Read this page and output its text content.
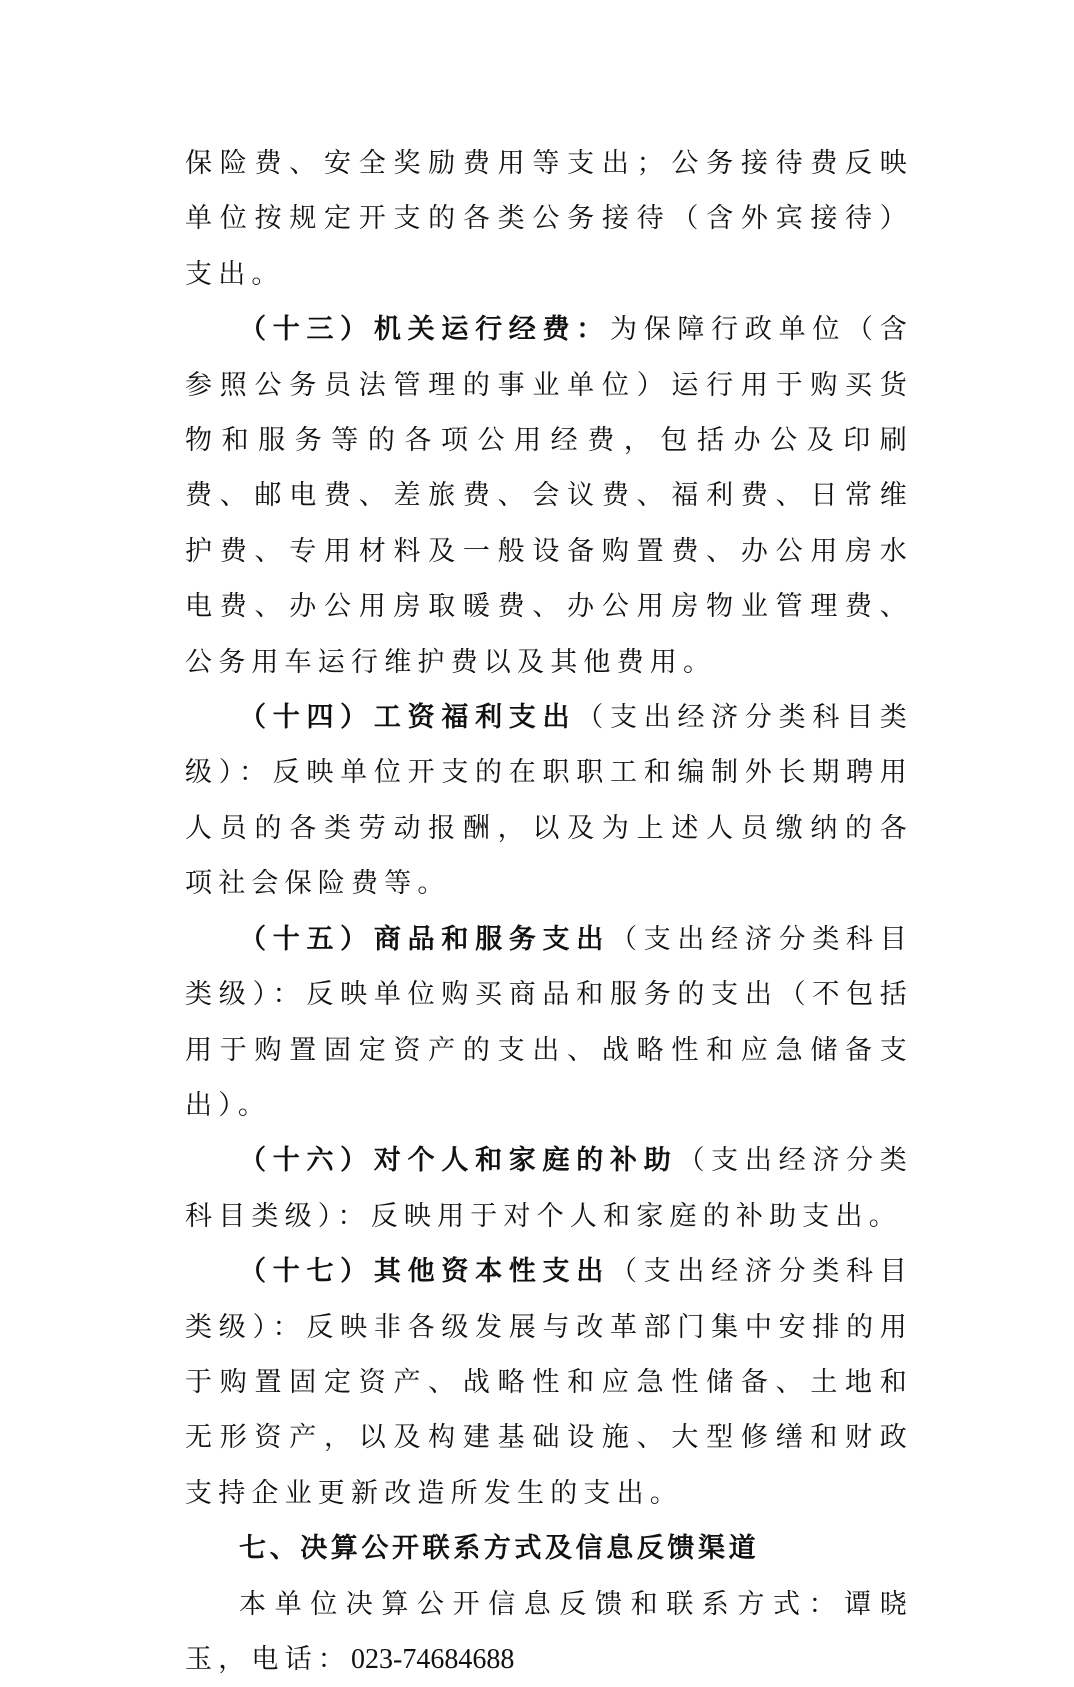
保险费、安全奖励费用等支出；公务接待费反映单位按规定开支的各类公务接待（含外宾接待）支出。

（十三）机关运行经费：为保障行政单位（含参照公务员法管理的事业单位）运行用于购买货物和服务等的各项公用经费，包括办公及印刷费、邮电费、差旅费、会议费、福利费、日常维护费、专用材料及一般设备购置费、办公用房水电费、办公用房取暖费、办公用房物业管理费、公务用车运行维护费以及其他费用。

（十四）工资福利支出（支出经济分类科目类级）：反映单位开支的在职职工和编制外长期聘用人员的各类劳动报酬，以及为上述人员缴纳的各项社会保险费等。

（十五）商品和服务支出（支出经济分类科目类级）：反映单位购买商品和服务的支出（不包括用于购置固定资产的支出、战略性和应急储备支出）。

（十六）对个人和家庭的补助（支出经济分类科目类级）：反映用于对个人和家庭的补助支出。

（十七）其他资本性支出（支出经济分类科目类级）：反映非各级发展与改革部门集中安排的用于购置固定资产、战略性和应急性储备、土地和无形资产，以及构建基础设施、大型修缮和财政支持企业更新改造所发生的支出。

七、决算公开联系方式及信息反馈渠道

本单位决算公开信息反馈和联系方式：谭晓玉，电话：023-74684688
